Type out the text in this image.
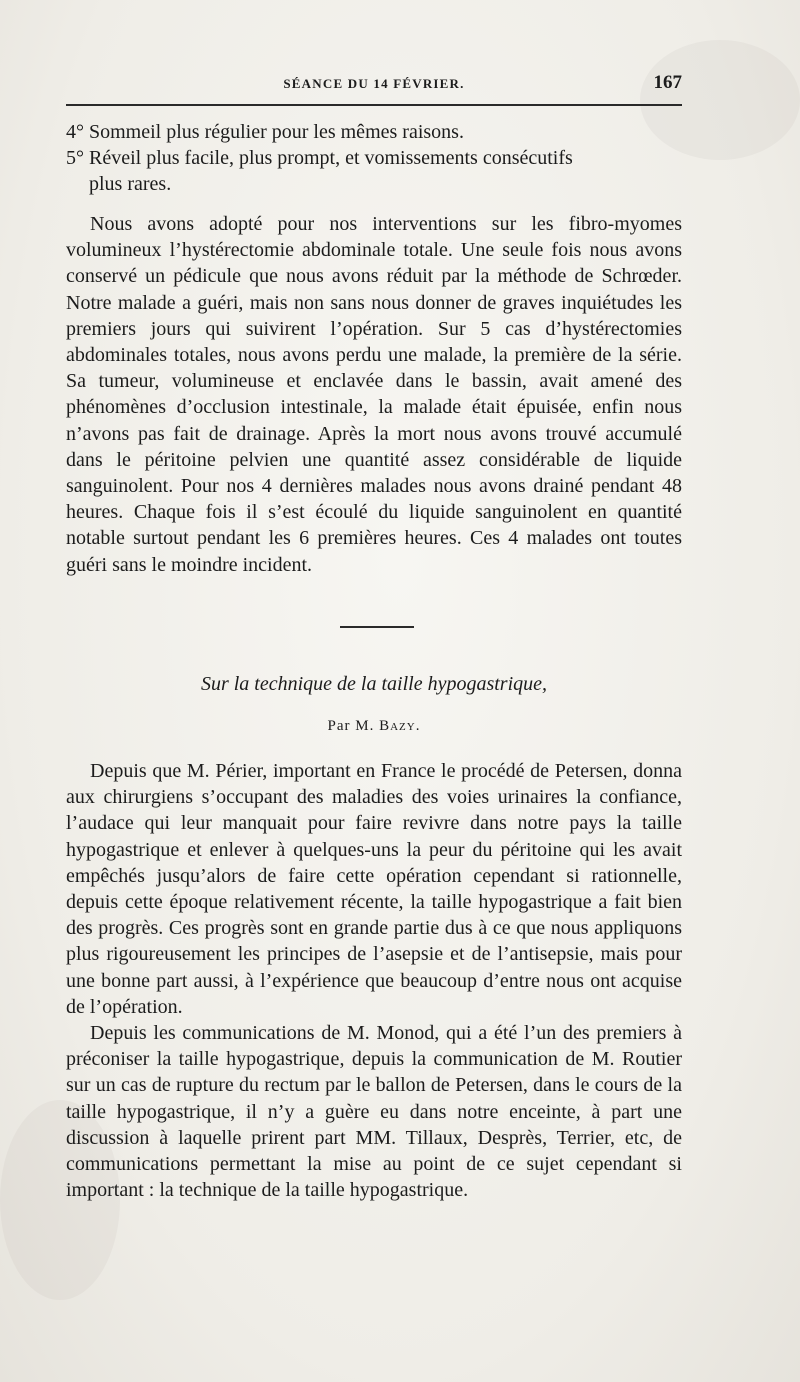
SÉANCE DU 14 FÉVRIER.	167

4° Sommeil plus régulier pour les mêmes raisons.

5° Réveil plus facile, plus prompt, et vomissements consécutifs

plus rares.

Nous avons adopté pour nos interventions sur les fibro-myomes volumineux l’hystérectomie abdominale totale. Une seule fois nous avons conservé un pédicule que nous avons réduit par la méthode de Schrœder. Notre malade a guéri, mais non sans nous donner de graves inquiétudes les premiers jours qui suivirent l’opération. Sur 5 cas d’hystérectomies abdominales totales, nous avons perdu une malade, la première de la série. Sa tumeur, volumineuse et enclavée dans le bassin, avait amené des phénomènes d’occlusion intestinale, la malade était épuisée, enfin nous n’avons pas fait de drainage. Après la mort nous avons trouvé accumulé dans le péritoine pelvien une quantité assez considérable de liquide sanguinolent. Pour nos 4 dernières malades nous avons drainé pendant 48 heures. Chaque fois il s’est écoulé du liquide sanguinolent en quantité notable surtout pendant les 6 premières heures. Ces 4 malades ont toutes guéri sans le moindre incident.

Sur la technique de la taille hypogastrique,
Par M. Bazy.

Depuis que M. Périer, important en France le procédé de Petersen, donna aux chirurgiens s’occupant des maladies des voies urinaires la confiance, l’audace qui leur manquait pour faire revivre dans notre pays la taille hypogastrique et enlever à quelques-uns la peur du péritoine qui les avait empêchés jusqu’alors de faire cette opération cependant si rationnelle, depuis cette époque relativement récente, la taille hypogastrique a fait bien des progrès. Ces progrès sont en grande partie dus à ce que nous appliquons plus rigoureusement les principes de l’asepsie et de l’antisepsie, mais pour une bonne part aussi, à l’expérience que beaucoup d’entre nous ont acquise de l’opération.

Depuis les communications de M. Monod, qui a été l’un des premiers à préconiser la taille hypogastrique, depuis la communication de M. Routier sur un cas de rupture du rectum par le ballon de Petersen, dans le cours de la taille hypogastrique, il n’y a guère eu dans notre enceinte, à part une discussion à laquelle prirent part MM. Tillaux, Desprès, Terrier, etc, de communications permettant la mise au point de ce sujet cependant si important : la technique de la taille hypogastrique.
